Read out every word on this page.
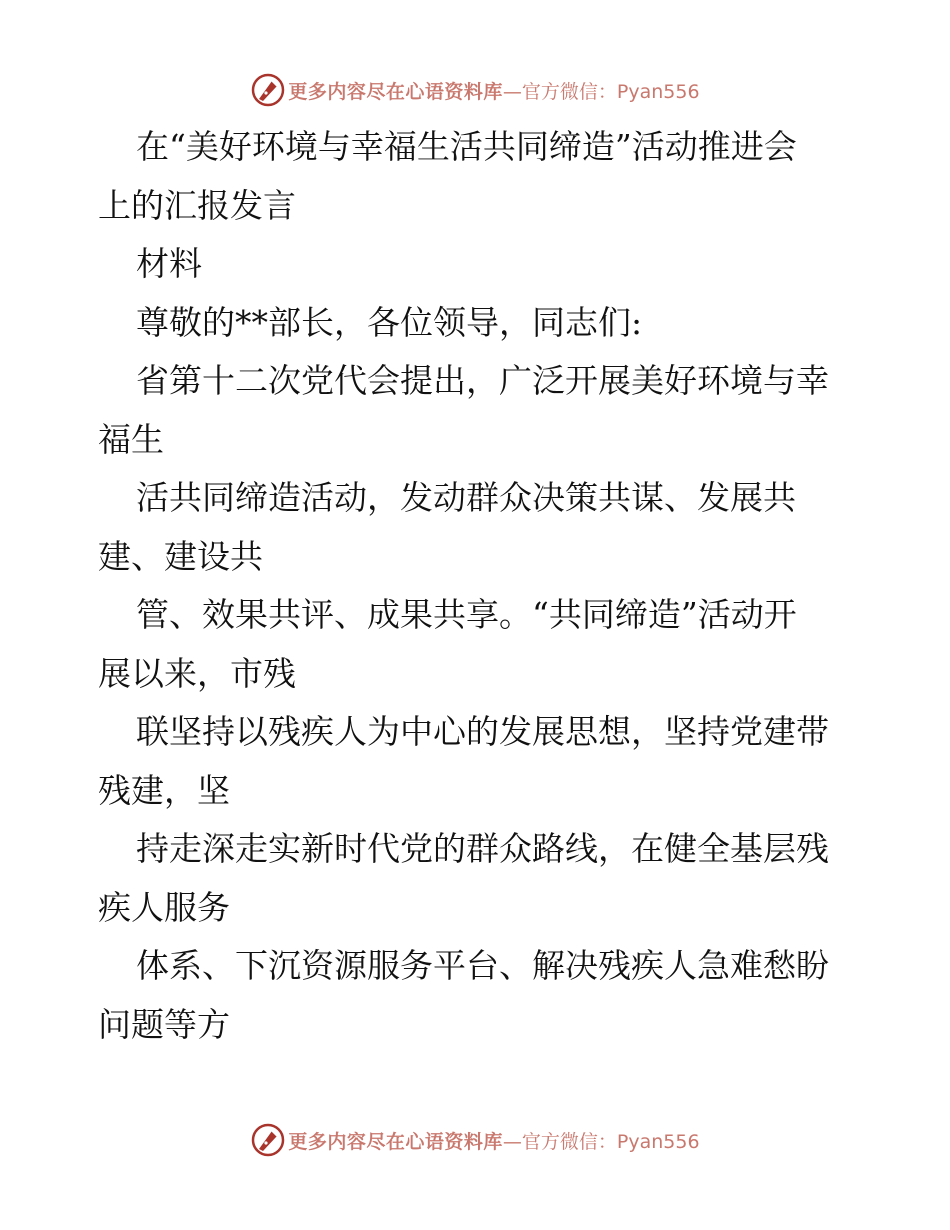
更多内容尽在心语资料库 —官方微信：Pyan556
在“美好环境与幸福生活共同缔造”活动推进会
上的汇报发言
材料
尊敬的**部长，各位领导，同志们:
省第十二次党代会提出，广泛开展美好环境与幸
福生
活共同缔造活动，发动群众决策共谋、发展共
建、建设共
管、效果共评、成果共享。“共同缔造”活动开
展以来，市残
联坚持以残疾人为中心的发展思想，坚持党建带
残建，坚
持走深走实新时代党的群众路线，在健全基层残
疾人服务
体系、下沉资源服务平台、解决残疾人急难愁盼
问题等方
更多内容尽在心语资料库 —官方微信：Pyan556
